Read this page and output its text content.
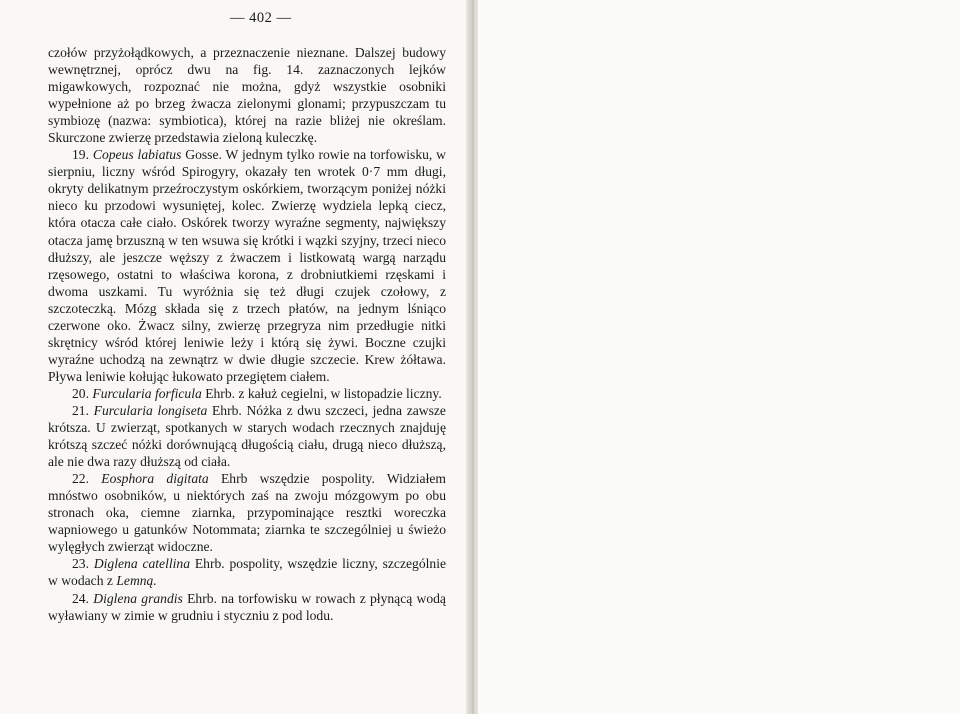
— 402 —

czołów przyżołądkowych, a przeznaczenie nieznane. Dalszej budowy wewnętrznej, oprócz dwu na fig. 14. zaznaczonych lejków migawkowych, rozpoznać nie można, gdyż wszystkie osobniki wypełnione aż po brzeg żwacza zielonymi glonami; przypuszczam tu symbiozę (nazwa: symbiotica), której na razie bliżej nie określam. Skurczone zwierzę przedstawia zieloną kuleczkę.

19. Copeus labiatus Gosse. W jednym tylko rowie na torfowisku, w sierpniu, liczny wśród Spirogyry, okazały ten wrotek 0·7 mm długi, okryty delikatnym przeźroczystym oskórkiem, tworzącym poniżej nóżki nieco ku przodowi wysuniętej, kolec. Zwierzę wydziela lepką ciecz, która otacza całe ciało. Oskórek tworzy wyraźne segmenty, największy otacza jamę brzuszną w ten wsuwa się krótki i wązki szyjny, trzeci nieco dłuższy, ale jeszcze węższy z żwaczem i listkowatą wargą narządu rzęsowego, ostatni to właściwa korona, z drobniutkiemi rzęskami i dwoma uszkami. Tu wyróżnia się też długi czujek czołowy, z szczoteczką. Mózg składa się z trzech płatów, na jednym lśniąco czerwone oko. Żwacz silny, zwierzę przegryza nim przedługie nitki skrętnicy wśród której leniwie leży i którą się żywi. Boczne czujki wyraźne uchodzą na zewnątrz w dwie długie szczecie. Krew żółtawa. Pływa leniwie kołując łukowato przegiętem ciałem.

20. Furcularia forficula Ehrb. z kałuż cegielni, w listopadzie liczny.

21. Furcularia longiseta Ehrb. Nóżka z dwu szczeci, jedna zawsze krótsza. U zwierząt, spotkanych w starych wodach rzecznych znajduję krótszą szczeć nóżki dorównującą długością ciału, drugą nieco dłuższą, ale nie dwa razy dłuższą od ciała.

22. Eosphora digitata Ehrb wszędzie pospolity. Widziałem mnóstwo osobników, u niektórych zaś na zwoju mózgowym po obu stronach oka, ciemne ziarnka, przypominające resztki woreczka wapniowego u gatunków Notommata; ziarnka te szczególniej u świeżo wylęgłych zwierząt widoczne.

23. Diglena catellina Ehrb. pospolity, wszędzie liczny, szczególnie w wodach z Lemną.

24. Diglena grandis Ehrb. na torfowisku w rowach z płynącą wodą wyławiany w zimie w grudniu i styczniu z pod lodu.
